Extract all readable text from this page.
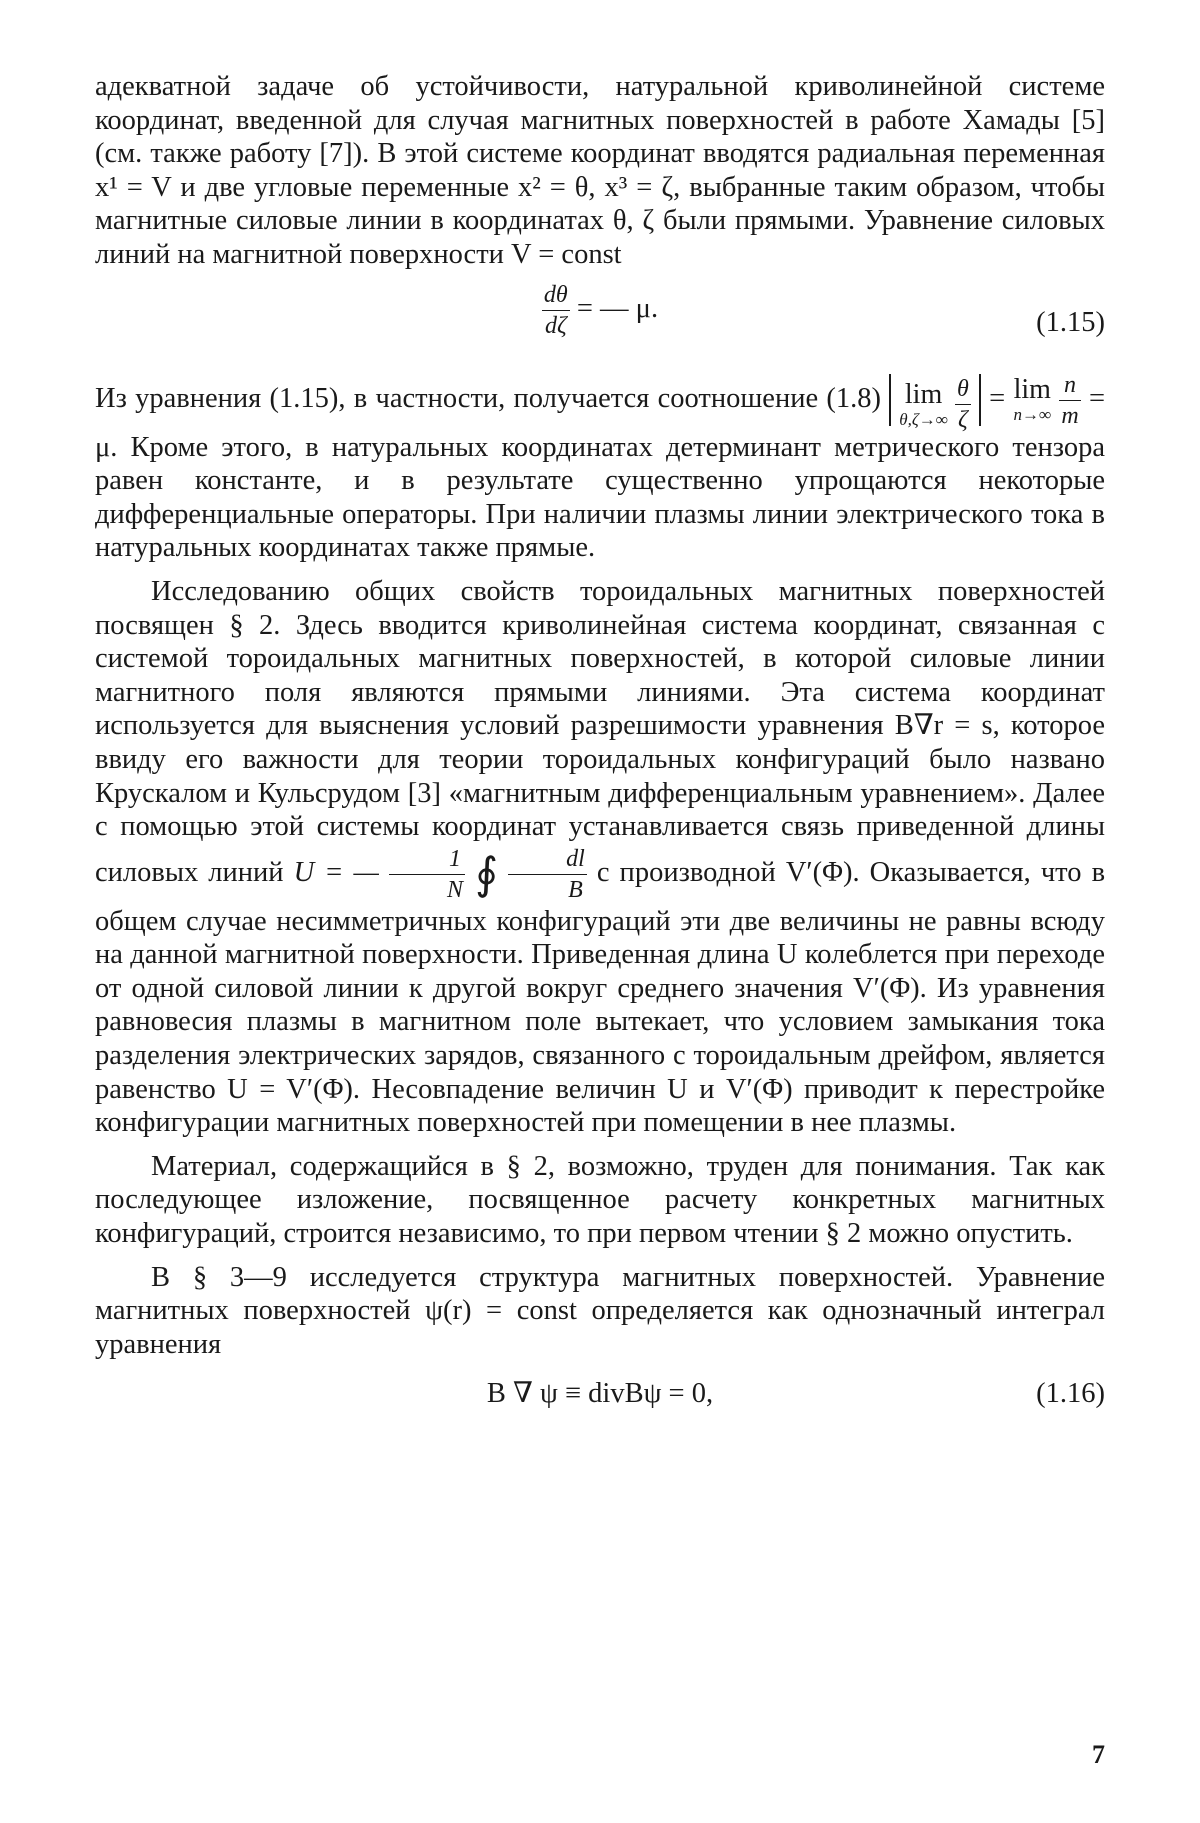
адекватной задаче об устойчивости, натуральной криволинейной системе координат, введенной для случая магнитных поверхностей в работе Хамады [5] (см. также работу [7]). В этой системе координат вводятся радиальная переменная x¹ = V и две угловые переменные x² = θ, x³ = ζ, выбранные таким образом, чтобы магнитные силовые линии в координатах θ, ζ были прямыми. Уравнение силовых линий на магнитной поверхности V = const

$\frac{d\theta}{d\zeta}$ = — μ.	(1.15)

Из уравнения (1.15), в частности, получается соотношение (1.8) lim
θ,ζ→∞
$\frac{\theta}{\zeta} = \lim$
n→∞
$\frac{n}{m} = \mu$. Кроме этого, в натуральных координатах детерминант метрического тензора равен константе, и в результате существенно упрощаются некоторые дифференциальные операторы. При наличии плазмы линии электрического тока в натуральных координатах также прямые.

Исследованию общих свойств тороидальных магнитных поверхностей посвящен § 2. Здесь вводится криволинейная система координат, связанная с системой тороидальных магнитных поверхностей, в которой силовые линии магнитного поля являются прямыми линиями. Эта система координат используется для выяснения условий разрешимости уравнения B∇r = s, которое ввиду его важности для теории тороидальных конфигураций было названо Крускалом и Кульсрудом [3] «магнитным дифференциальным уравнением». Далее с помощью этой системы координат устанавливается связь приведенной длины силовых линий U = — $\frac{1}{N}$ ∮ $\frac{dl}{B}$ с производной V′(Φ). Оказывается, что в общем случае несимметричных конфигураций эти две величины не равны всюду на данной магнитной поверхности. Приведенная длина U колеблется при переходе от одной силовой линии к другой вокруг среднего значения V′(Φ). Из уравнения равновесия плазмы в магнитном поле вытекает, что условием замыкания тока разделения электрических зарядов, связанного с тороидальным дрейфом, является равенство U = V′(Φ). Несовпадение величин U и V′(Φ) приводит к перестройке конфигурации магнитных поверхностей при помещении в нее плазмы.

Материал, содержащийся в § 2, возможно, труден для понимания. Так как последующее изложение, посвященное расчету конкретных магнитных конфигураций, строится независимо, то при первом чтении § 2 можно опустить.

В § 3—9 исследуется структура магнитных поверхностей. Уравнение магнитных поверхностей ψ(r) = const определяется как однозначный интеграл уравнения

B ∇ ψ ≡ divBψ = 0,	(1.16)
7
